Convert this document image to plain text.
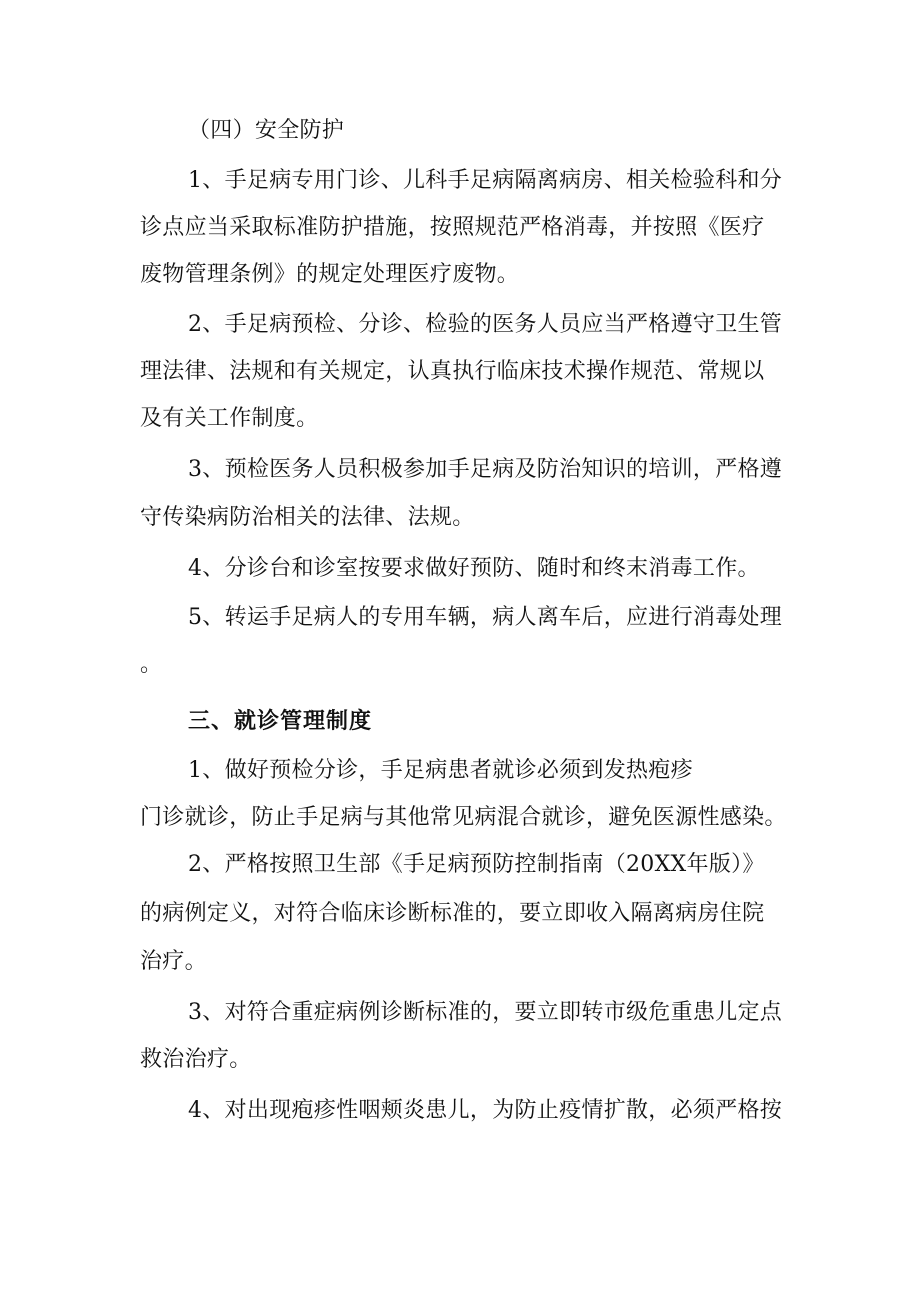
（四）安全防护
1、手足病专用门诊、儿科手足病隔离病房、相关检验科和分
诊点应当采取标准防护措施，按照规范严格消毒，并按照《医疗
废物管理条例》的规定处理医疗废物。
2、手足病预检、分诊、检验的医务人员应当严格遵守卫生管
理法律、法规和有关规定，认真执行临床技术操作规范、常规以
及有关工作制度。
3、预检医务人员积极参加手足病及防治知识的培训，严格遵
守传染病防治相关的法律、法规。
4、分诊台和诊室按要求做好预防、随时和终末消毒工作。
5、转运手足病人的专用车辆，病人离车后，应进行消毒处理
。
三、就诊管理制度
1、做好预检分诊，手足病患者就诊必须到发热疱疹
门诊就诊，防止手足病与其他常见病混合就诊，避免医源性感染。
2、严格按照卫生部《手足病预防控制指南（20XX年版）》
的病例定义，对符合临床诊断标准的，要立即收入隔离病房住院
治疗。
3、对符合重症病例诊断标准的，要立即转市级危重患儿定点
救治治疗。
4、对出现疱疹性咽颊炎患儿，为防止疫情扩散，必须严格按
